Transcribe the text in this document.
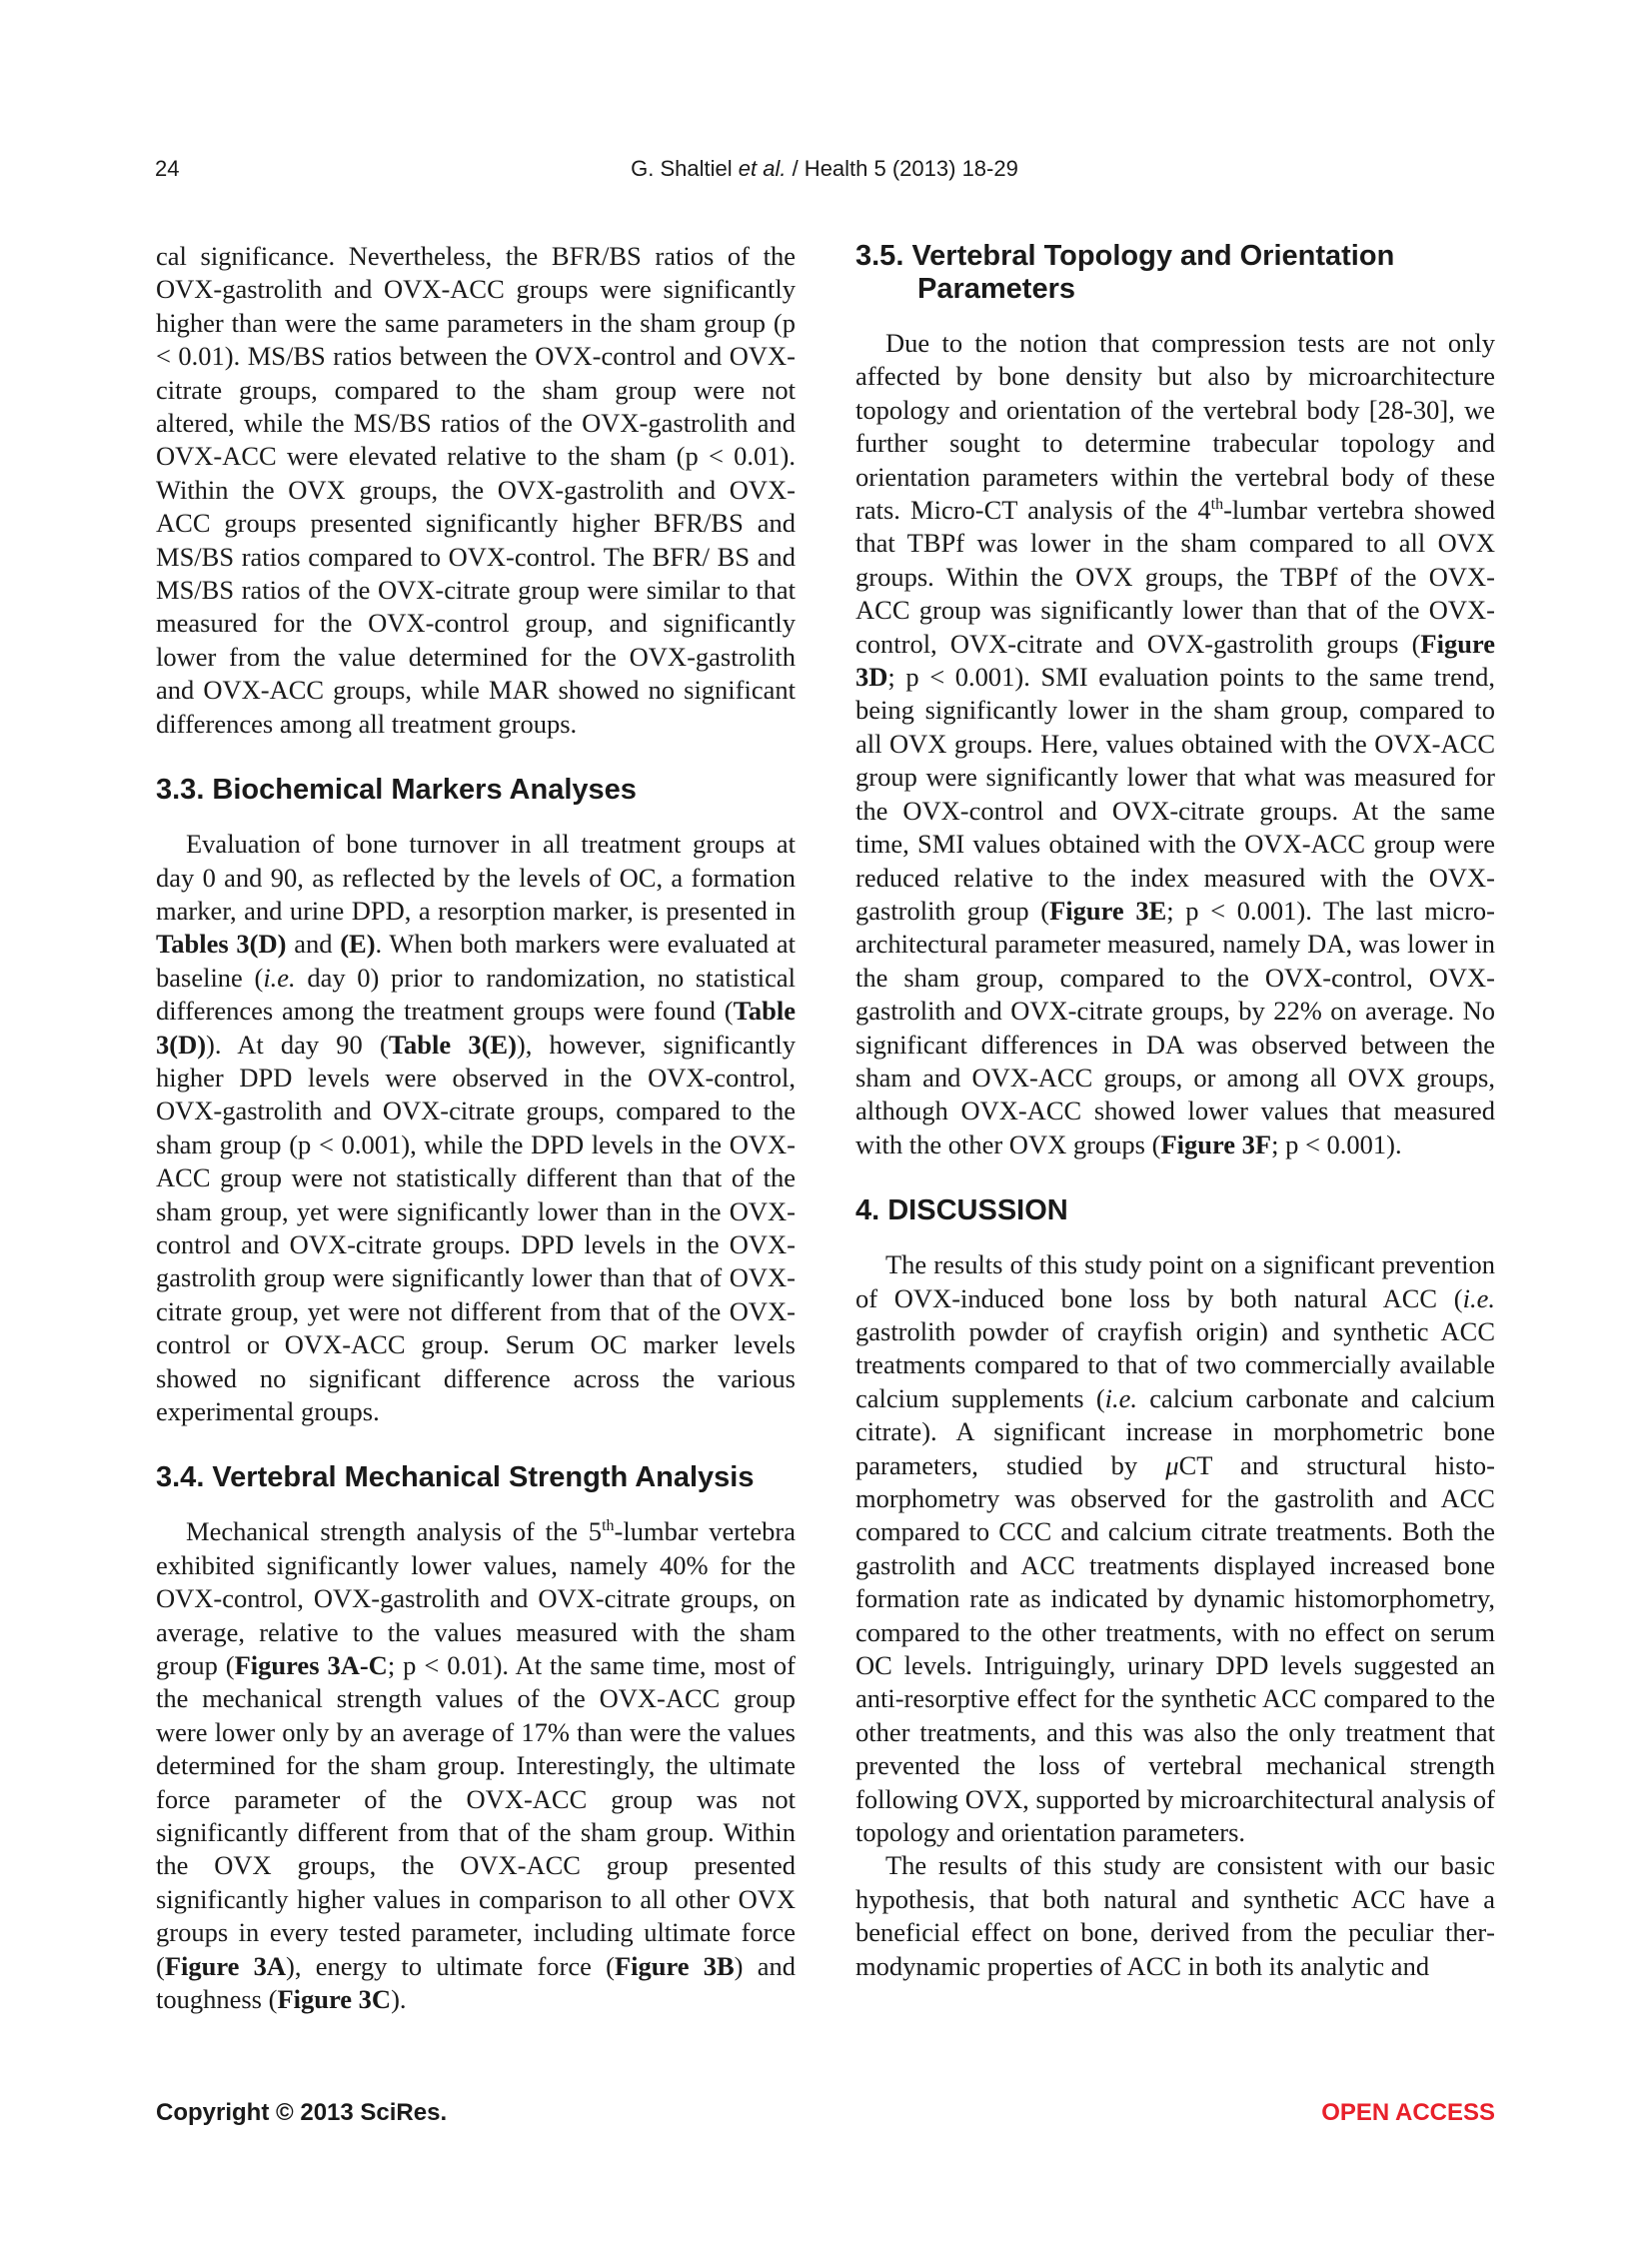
24	G. Shaltiel et al. / Health 5 (2013) 18-29

cal significance. Nevertheless, the BFR/BS ratios of the OVX-gastrolith and OVX-ACC groups were significantly higher than were the same parameters in the sham group (p < 0.01). MS/BS ratios between the OVX-control and OVX-citrate groups, compared to the sham group were not altered, while the MS/BS ratios of the OVX-gastrolith and OVX-ACC were elevated relative to the sham (p < 0.01). Within the OVX groups, the OVX-gastrolith and OVX-ACC groups presented significantly higher BFR/BS and MS/BS ratios compared to OVX-control. The BFR/ BS and MS/BS ratios of the OVX-citrate group were similar to that measured for the OVX-control group, and significantly lower from the value determined for the OVX-gastrolith and OVX-ACC groups, while MAR showed no significant differences among all treatment groups.

3.3. Biochemical Markers Analyses

Evaluation of bone turnover in all treatment groups at day 0 and 90, as reflected by the levels of OC, a formation marker, and urine DPD, a resorption marker, is presented in Tables 3(D) and (E). When both markers were evaluated at baseline (i.e. day 0) prior to randomization, no statistical differences among the treatment groups were found (Table 3(D)). At day 90 (Table 3(E)), however, significantly higher DPD levels were observed in the OVX-control, OVX-gastrolith and OVX-citrate groups, compared to the sham group (p < 0.001), while the DPD levels in the OVX-ACC group were not statistically different than that of the sham group, yet were significantly lower than in the OVX-control and OVX-citrate groups. DPD levels in the OVX-gastrolith group were significantly lower than that of OVX-citrate group, yet were not different from that of the OVX-control or OVX-ACC group. Serum OC marker levels showed no significant difference across the various experimental groups.

3.4. Vertebral Mechanical Strength Analysis

Mechanical strength analysis of the 5th-lumbar vertebra exhibited significantly lower values, namely 40% for the OVX-control, OVX-gastrolith and OVX-citrate groups, on average, relative to the values measured with the sham group (Figures 3A-C; p < 0.01). At the same time, most of the mechanical strength values of the OVX-ACC group were lower only by an average of 17% than were the values determined for the sham group. Interestingly, the ultimate force parameter of the OVX-ACC group was not significantly different from that of the sham group. Within the OVX groups, the OVX-ACC group presented significantly higher values in comparison to all other OVX groups in every tested parameter, including ultimate force (Figure 3A), energy to ultimate force (Figure 3B) and toughness (Figure 3C).

3.5. Vertebral Topology and Orientation Parameters

Due to the notion that compression tests are not only affected by bone density but also by microarchitecture topology and orientation of the vertebral body [28-30], we further sought to determine trabecular topology and orientation parameters within the vertebral body of these rats. Micro-CT analysis of the 4th-lumbar vertebra showed that TBPf was lower in the sham compared to all OVX groups. Within the OVX groups, the TBPf of the OVX-ACC group was significantly lower than that of the OVX-control, OVX-citrate and OVX-gastrolith groups (Figure 3D; p < 0.001). SMI evaluation points to the same trend, being significantly lower in the sham group, compared to all OVX groups. Here, values obtained with the OVX-ACC group were significantly lower that what was measured for the OVX-control and OVX-citrate groups. At the same time, SMI values obtained with the OVX-ACC group were reduced relative to the index measured with the OVX-gastrolith group (Figure 3E; p < 0.001). The last micro-architectural parameter measured, namely DA, was lower in the sham group, compared to the OVX-control, OVX-gastrolith and OVX-citrate groups, by 22% on average. No significant differences in DA was observed between the sham and OVX-ACC groups, or among all OVX groups, although OVX-ACC showed lower values that measured with the other OVX groups (Figure 3F; p < 0.001).

4. DISCUSSION

The results of this study point on a significant prevention of OVX-induced bone loss by both natural ACC (i.e. gastrolith powder of crayfish origin) and synthetic ACC treatments compared to that of two commercially available calcium supplements (i.e. calcium carbonate and calcium citrate). A significant increase in morphometric bone parameters, studied by μCT and structural histomorphometry was observed for the gastrolith and ACC compared to CCC and calcium citrate treatments. Both the gastrolith and ACC treatments displayed increased bone formation rate as indicated by dynamic histomorphometry, compared to the other treatments, with no effect on serum OC levels. Intriguingly, urinary DPD levels suggested an anti-resorptive effect for the synthetic ACC compared to the other treatments, and this was also the only treatment that prevented the loss of vertebral mechanical strength following OVX, supported by microarchitectural analysis of topology and orientation parameters.

The results of this study are consistent with our basic hypothesis, that both natural and synthetic ACC have a beneficial effect on bone, derived from the peculiar thermodynamic properties of ACC in both its analytic and

Copyright © 2013 SciRes.	OPEN ACCESS
